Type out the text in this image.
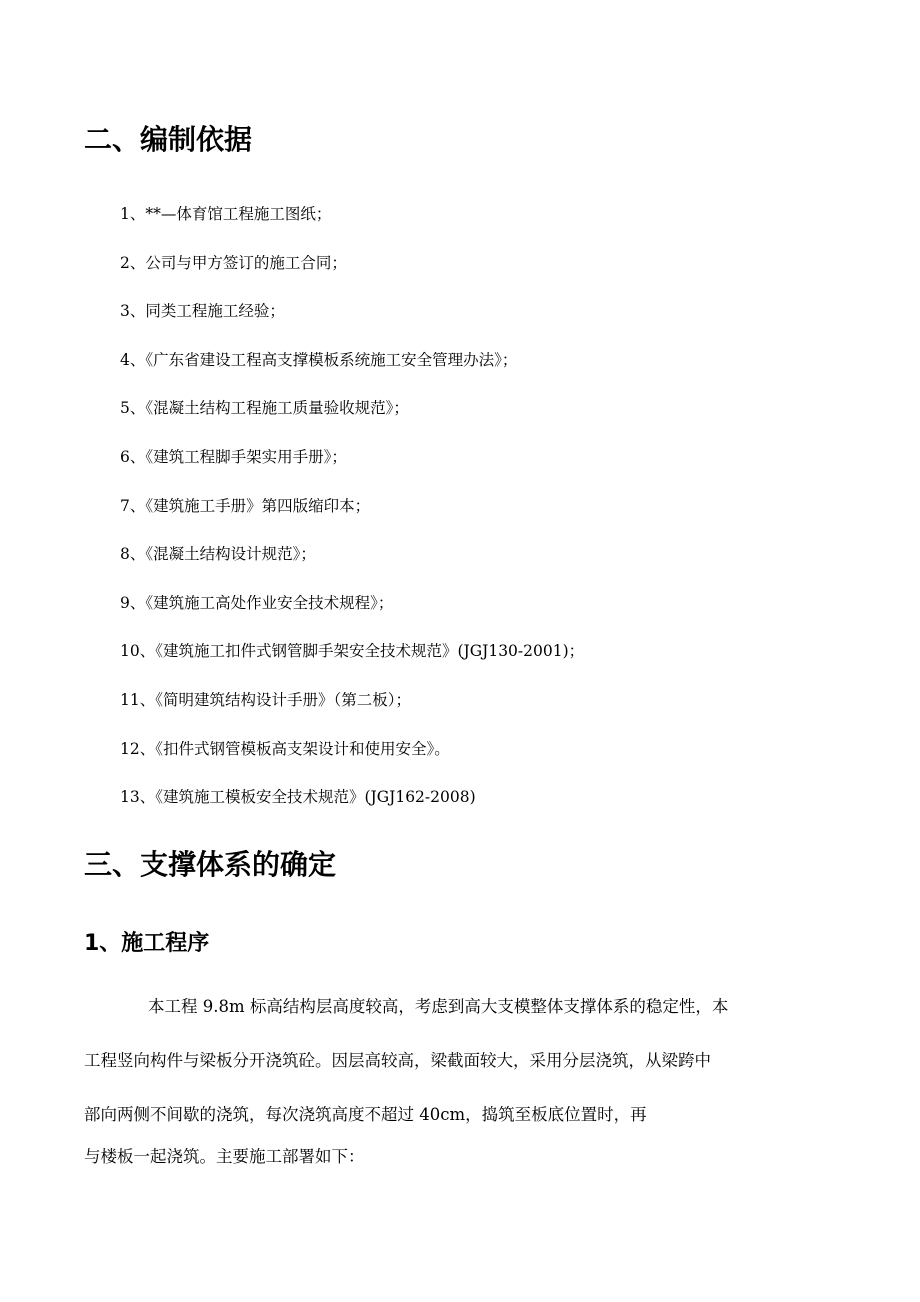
二、编制依据
1、**—体育馆工程施工图纸；
2、公司与甲方签订的施工合同；
3、同类工程施工经验；
4、《广东省建设工程高支撑模板系统施工安全管理办法》；
5、《混凝土结构工程施工质量验收规范》；
6、《建筑工程脚手架实用手册》；
7、《建筑施工手册》第四版缩印本；
8、《混凝土结构设计规范》；
9、《建筑施工高处作业安全技术规程》；
10、《建筑施工扣件式钢管脚手架安全技术规范》(JGJ130-2001)；
11、《简明建筑结构设计手册》（第二板）；
12、《扣件式钢管模板高支架设计和使用安全》。
13、《建筑施工模板安全技术规范》(JGJ162-2008)
三、支撑体系的确定
1、施工程序
本工程 9.8m 标高结构层高度较高，考虑到高大支模整体支撑体系的稳定性，本
工程竖向构件与梁板分开浇筑砼。因层高较高，梁截面较大，采用分层浇筑，从梁跨中
部向两侧不间歇的浇筑，每次浇筑高度不超过 40cm，捣筑至板底位置时，再
与楼板一起浇筑。主要施工部署如下：
